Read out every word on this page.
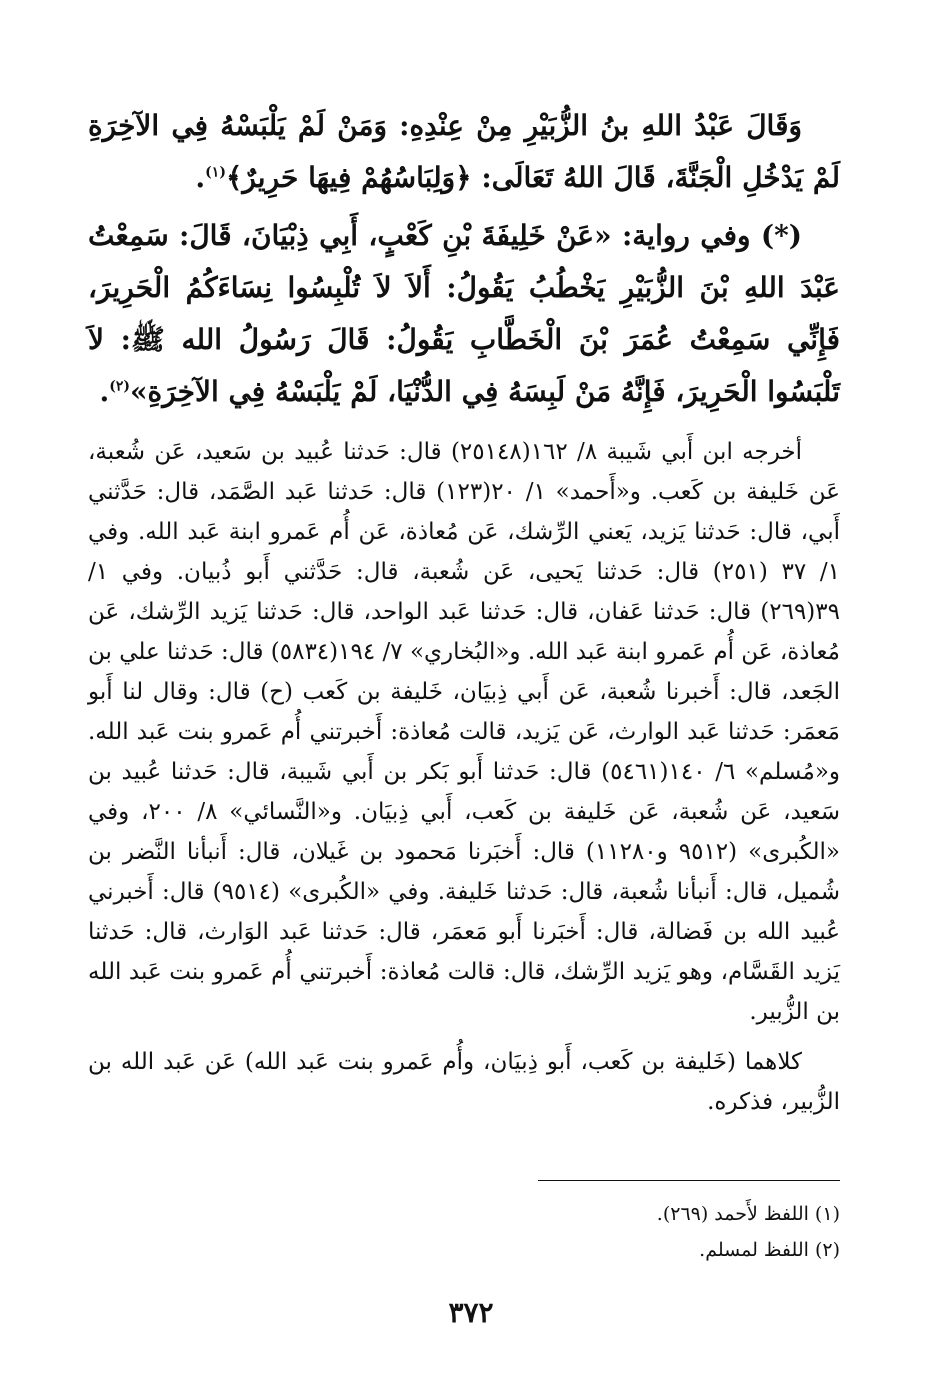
وَقَالَ عَبْدُ اللهِ بنُ الزُّبَيْرِ مِنْ عِنْدِهِ: وَمَنْ لَمْ يَلْبَسْهُ فِي الآخِرَةِ لَمْ يَدْخُلِ الْجَنَّةَ، قَالَ اللهُ تَعَالَى: ﴿وَلِبَاسُهُمْ فِيهَا حَرِيرٌ﴾$^{(١)}$.

(*) وفي رواية: «عَنْ خَلِيفَةَ بْنِ كَعْبٍ، أَبِي ذِبْيَانَ، قَالَ: سَمِعْتُ عَبْدَ اللهِ بْنَ الزُّبَيْرِ يَخْطُبُ يَقُولُ: أَلاَ لاَ تُلْبِسُوا نِسَاءَكُمُ الْحَرِيرَ، فَإِنِّي سَمِعْتُ عُمَرَ بْنَ الْخَطَّابِ يَقُولُ: قَالَ رَسُولُ الله ﷺ: لاَ تَلْبَسُوا الْحَرِيرَ، فَإِنَّهُ مَنْ لَبِسَهُ فِي الدُّنْيَا، لَمْ يَلْبَسْهُ فِي الآخِرَةِ»$^{(٢)}$.

أخرجه ابن أَبي شَيبة ٨/ ١٦٢(٢٥١٤٨) قال: حَدثنا عُبيد بن سَعيد، عَن شُعبة، عَن خَليفة بن كَعب. و«أَحمد» ١/ ٢٠(١٢٣) قال: حَدثنا عَبد الصَّمَد، قال: حَدَّثني أَبي، قال: حَدثنا يَزيد، يَعني الرِّشك، عَن مُعاذة، عَن أُم عَمرو ابنة عَبد الله. وفي ١/ ٣٧ (٢٥١) قال: حَدثنا يَحيى، عَن شُعبة، قال: حَدَّثني أَبو ذُبيان. وفي ١/ ٣٩(٢٦٩) قال: حَدثنا عَفان، قال: حَدثنا عَبد الواحد، قال: حَدثنا يَزيد الرِّشك، عَن مُعاذة، عَن أُم عَمرو ابنة عَبد الله. و«البُخاري» ٧/ ١٩٤(٥٨٣٤) قال: حَدثنا علي بن الجَعد، قال: أَخبرنا شُعبة، عَن أَبي ذِبيَان، خَليفة بن كَعب (ح) قال: وقال لنا أَبو مَعمَر: حَدثنا عَبد الوارث، عَن يَزيد، قالت مُعاذة: أَخبرتني أُم عَمرو بنت عَبد الله. و«مُسلم» ٦/ ١٤٠(٥٤٦١) قال: حَدثنا أَبو بَكر بن أَبي شَيبة، قال: حَدثنا عُبيد بن سَعيد، عَن شُعبة، عَن خَليفة بن كَعب، أَبي ذِبيَان. و«النَّسائي» ٨/ ٢٠٠، وفي «الكُبرى» (٩٥١٢ و١١٢٨٠) قال: أَخبَرنا مَحمود بن غَيلان، قال: أَنبأنا النَّضر بن شُميل، قال: أَنبأنا شُعبة، قال: حَدثنا خَليفة. وفي «الكُبرى» (٩٥١٤) قال: أَخبرني عُبيد الله بن فَضالة، قال: أَخبَرنا أَبو مَعمَر، قال: حَدثنا عَبد الوَارث، قال: حَدثنا يَزيد القَسَّام، وهو يَزيد الرِّشك، قال: قالت مُعاذة: أَخبرتني أُم عَمرو بنت عَبد الله بن الزُّبير.

كلاهما (خَليفة بن كَعب، أَبو ذِبيَان، وأُم عَمرو بنت عَبد الله) عَن عَبد الله بن الزُّبير، فذكره.

(١) اللفظ لأَحمد (٢٦٩).
(٢) اللفظ لمسلم.
٣٧٢
